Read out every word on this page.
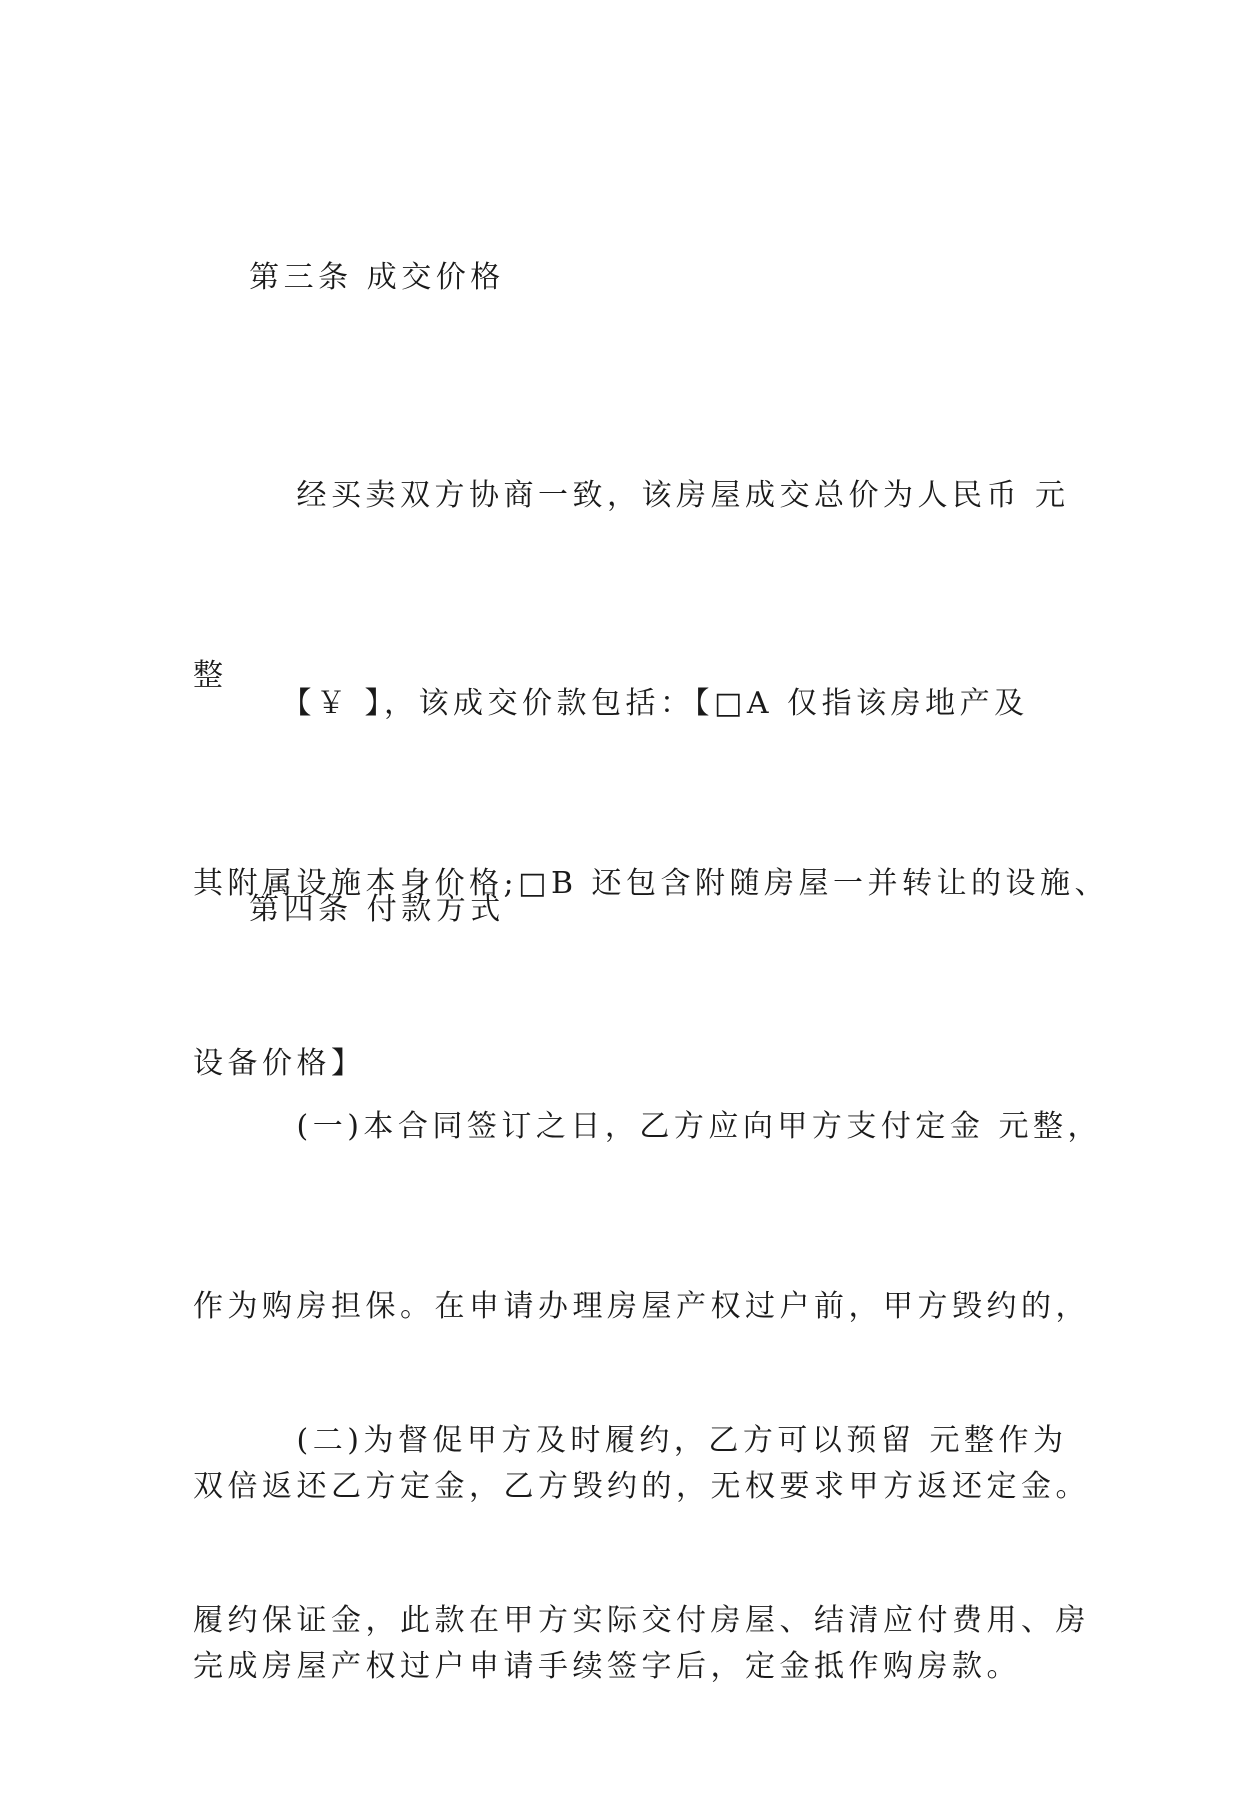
第三条 成交价格

　　　经买卖双方协商一致，该房屋成交总价为人民币 元

整

　　　【￥ 】，该成交价款包括：【□A 仅指该房地产及

其附属设施本身价格;□B 还包含附随房屋一并转让的设施、

设备价格】

第四条 付款方式

　　　(一)本合同签订之日，乙方应向甲方支付定金 元整，

作为购房担保。在申请办理房屋产权过户前，甲方毁约的，

双倍返还乙方定金，乙方毁约的，无权要求甲方返还定金。

完成房屋产权过户申请手续签字后，定金抵作购房款。

　　　(二)为督促甲方及时履约，乙方可以预留 元整作为

履约保证金，此款在甲方实际交付房屋、结清应付费用、房
